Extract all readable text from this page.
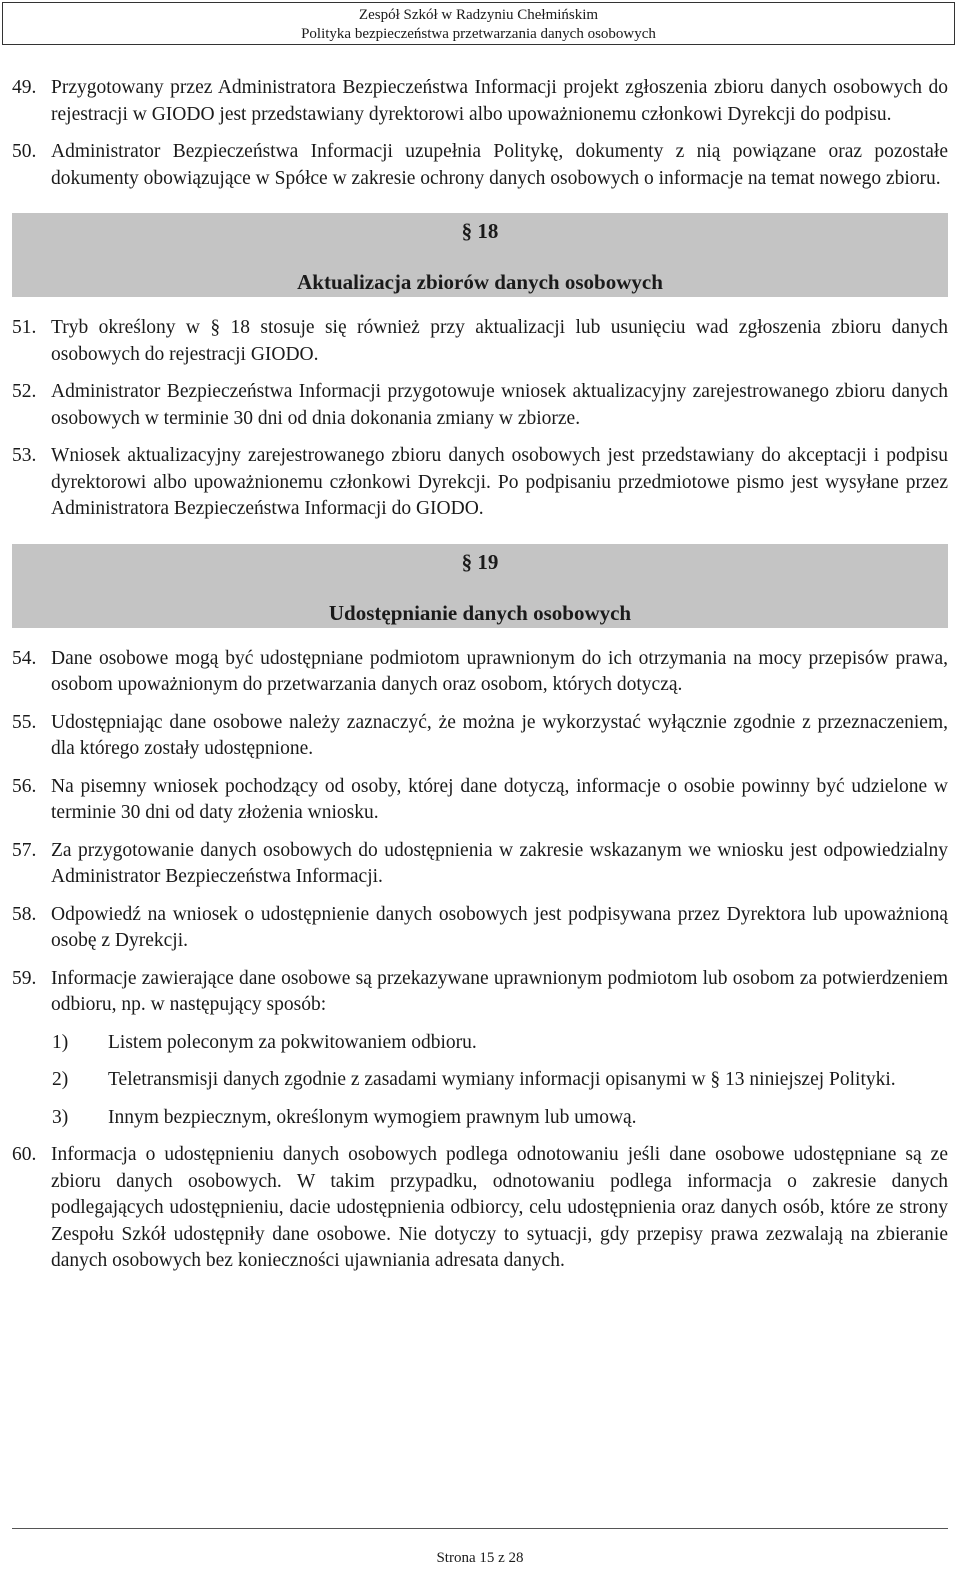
Zespół Szkół w Radzyniu Chełmińskim
Polityka bezpieczeństwa przetwarzania danych osobowych
49. Przygotowany przez Administratora Bezpieczeństwa Informacji projekt zgłoszenia zbioru danych osobowych do rejestracji w GIODO jest przedstawiany dyrektorowi albo upoważnionemu członkowi Dyrekcji do podpisu.
50. Administrator Bezpieczeństwa Informacji uzupełnia Politykę, dokumenty z nią powiązane oraz pozostałe dokumenty obowiązujące w Spółce w zakresie ochrony danych osobowych o informacje na temat nowego zbioru.
§ 18
Aktualizacja zbiorów danych osobowych
51. Tryb określony w § 18 stosuje się również przy aktualizacji lub usunięciu wad zgłoszenia zbioru danych osobowych do rejestracji GIODO.
52. Administrator Bezpieczeństwa Informacji przygotowuje wniosek aktualizacyjny zarejestrowanego zbioru danych osobowych w terminie 30 dni od dnia dokonania zmiany w zbiorze.
53. Wniosek aktualizacyjny zarejestrowanego zbioru danych osobowych jest przedstawiany do akceptacji i podpisu dyrektorowi albo upoważnionemu członkowi Dyrekcji. Po podpisaniu przedmiotowe pismo jest wysyłane przez Administratora Bezpieczeństwa Informacji do GIODO.
§ 19
Udostępnianie danych osobowych
54. Dane osobowe mogą być udostępniane podmiotom uprawnionym do ich otrzymania na mocy przepisów prawa, osobom upoważnionym do przetwarzania danych oraz osobom, których dotyczą.
55. Udostępniając dane osobowe należy zaznaczyć, że można je wykorzystać wyłącznie zgodnie z przeznaczeniem, dla którego zostały udostępnione.
56. Na pisemny wniosek pochodzący od osoby, której dane dotyczą, informacje o osobie powinny być udzielone w terminie 30 dni od daty złożenia wniosku.
57. Za przygotowanie danych osobowych do udostępnienia w zakresie wskazanym we wniosku jest odpowiedzialny Administrator Bezpieczeństwa Informacji.
58. Odpowiedź na wniosek o udostępnienie danych osobowych jest podpisywana przez Dyrektora lub upoważnioną osobę z Dyrekcji.
59. Informacje zawierające dane osobowe są przekazywane uprawnionym podmiotom lub osobom za potwierdzeniem odbioru, np. w następujący sposób:
1) Listem poleconym za pokwitowaniem odbioru.
2) Teletransmisji danych zgodnie z zasadami wymiany informacji opisanymi w § 13 niniejszej Polityki.
3) Innym bezpiecznym, określonym wymogiem prawnym lub umową.
60. Informacja o udostępnieniu danych osobowych podlega odnotowaniu jeśli dane osobowe udostępniane są ze zbioru danych osobowych. W takim przypadku, odnotowaniu podlega informacja o zakresie danych podlegających udostępnieniu, dacie udostępnienia odbiorcy, celu udostępnienia oraz danych osób, które ze strony Zespołu Szkół udostępniły dane osobowe. Nie dotyczy to sytuacji, gdy przepisy prawa zezwalają na zbieranie danych osobowych bez konieczności ujawniania adresata danych.
Strona 15 z 28
